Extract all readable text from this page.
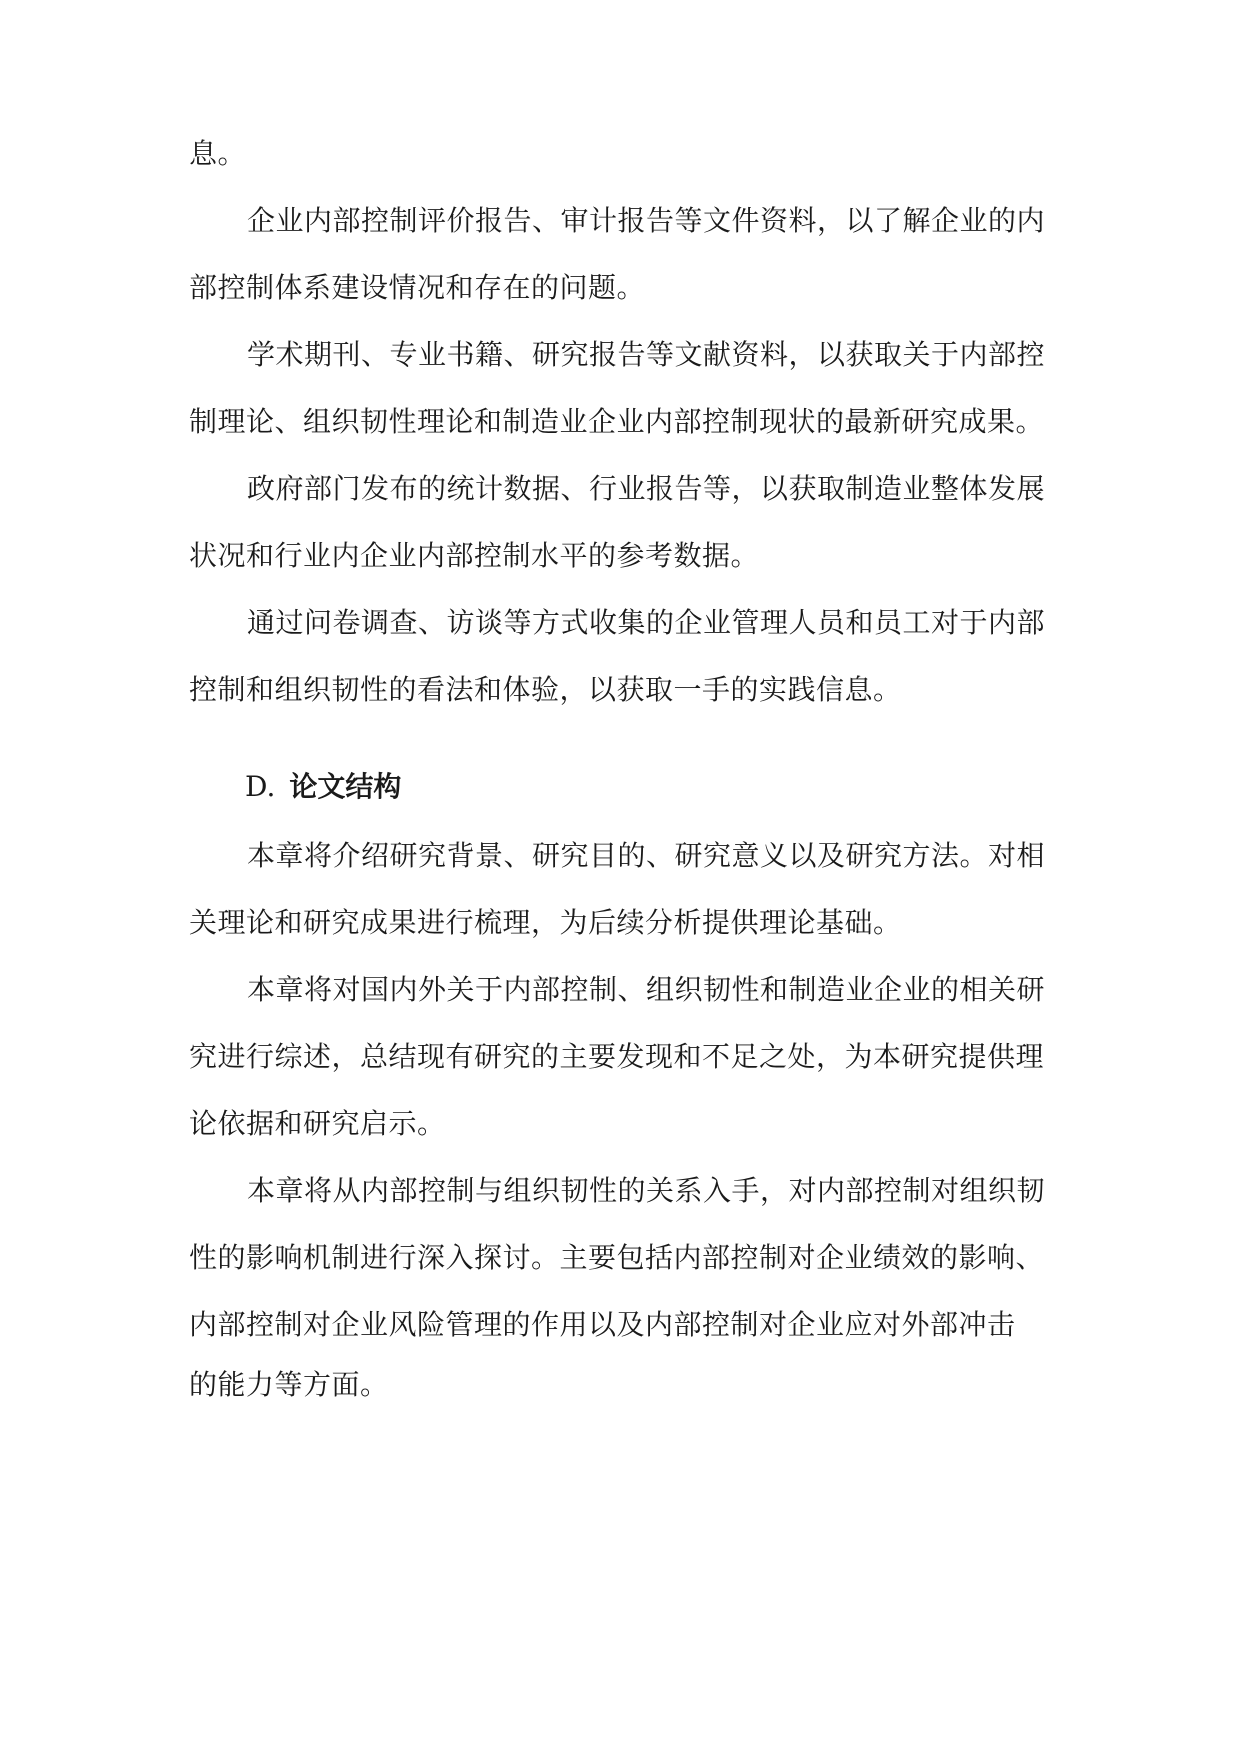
息。
企业内部控制评价报告、审计报告等文件资料，以了解企业的内
部控制体系建设情况和存在的问题。
学术期刊、专业书籍、研究报告等文献资料，以获取关于内部控
制理论、组织韧性理论和制造业企业内部控制现状的最新研究成果。
政府部门发布的统计数据、行业报告等，以获取制造业整体发展
状况和行业内企业内部控制水平的参考数据。
通过问卷调查、访谈等方式收集的企业管理人员和员工对于内部
控制和组织韧性的看法和体验，以获取一手的实践信息。
D. 论文结构
本章将介绍研究背景、研究目的、研究意义以及研究方法。对相
关理论和研究成果进行梳理，为后续分析提供理论基础。
本章将对国内外关于内部控制、组织韧性和制造业企业的相关研
究进行综述，总结现有研究的主要发现和不足之处，为本研究提供理
论依据和研究启示。
本章将从内部控制与组织韧性的关系入手，对内部控制对组织韧
性的影响机制进行深入探讨。主要包括内部控制对企业绩效的影响、
内部控制对企业风险管理的作用以及内部控制对企业应对外部冲击
的能力等方面。
